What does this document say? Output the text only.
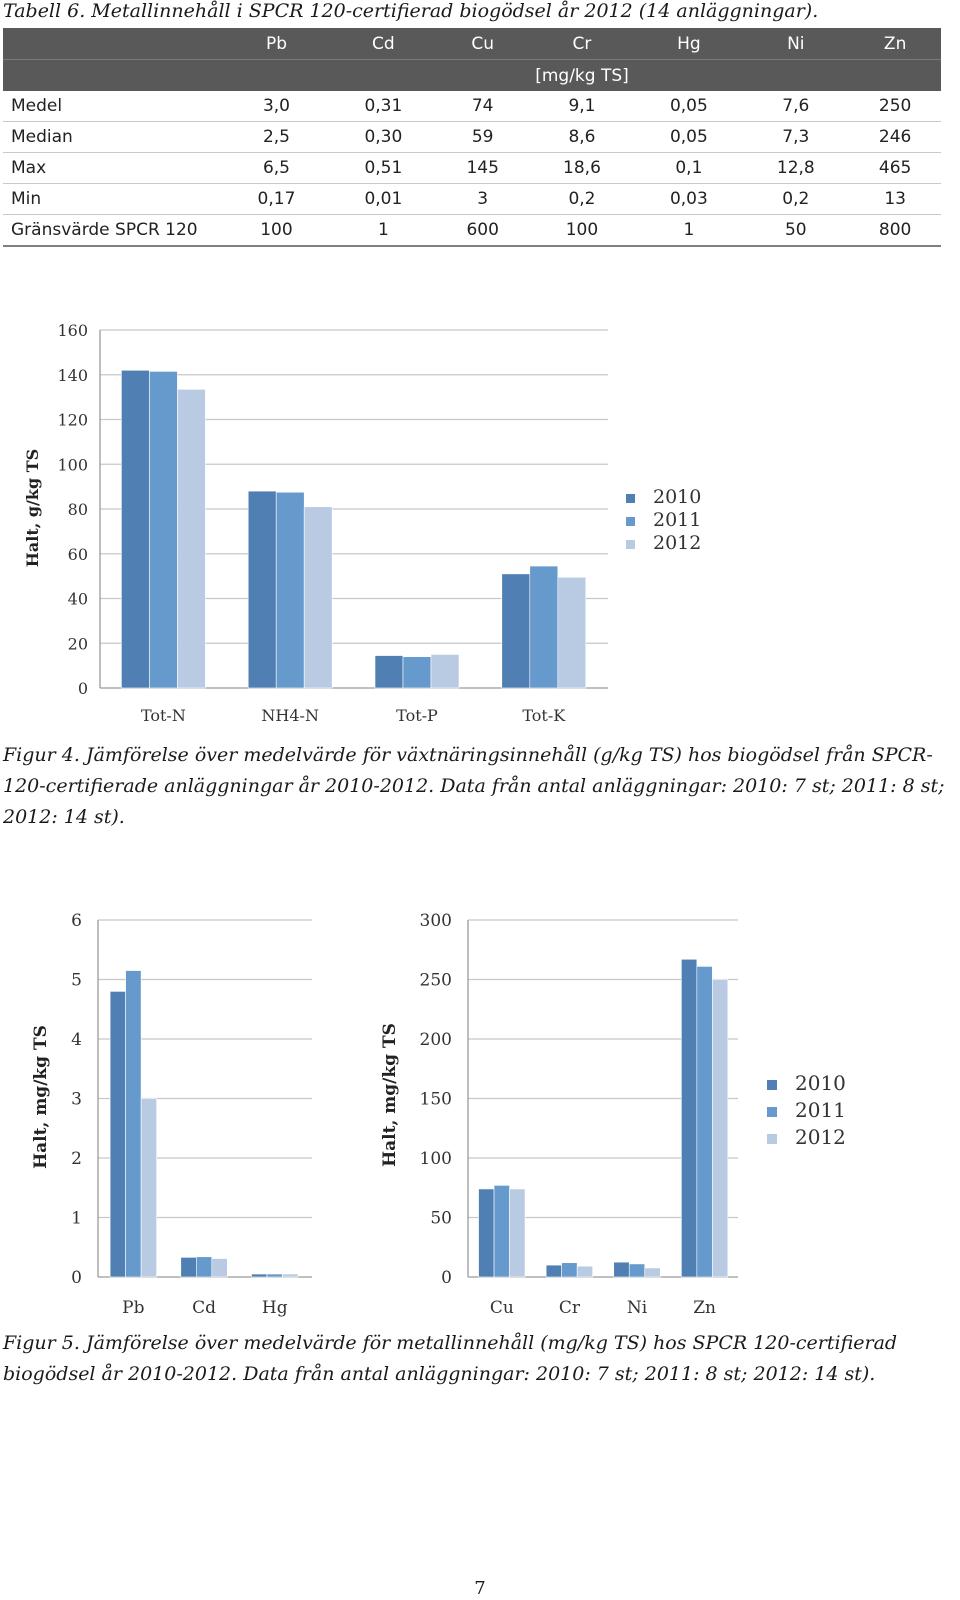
Tabell 6. Metallinnehåll i SPCR 120-certifierad biogödsel år 2012 (14 anläggningar).
	Pb	Cd	Cu	Cr	Hg	Ni	Zn
	[mg/kg TS]						
Medel	3,0	0,31	74	9,1	0,05	7,6	250
Median	2,5	0,30	59	8,6	0,05	7,3	246
Max	6,5	0,51	145	18,6	0,1	12,8	465
Min	0,17	0,01	3	0,2	0,03	0,2	13
Gränsvärde SPCR 120	100	1	600	100	1	50	800
0
20
40
60
80
100
120
140
160
Halt, g/kg TS
Tot-N	NH4-N	Tot-P	Tot-K
2010
2011
2012
0
1
2
3
4
5
6
Halt, mg/kg TS
Pb	Cd	Hg
0
50
100
150
200
250
300
Halt, mg/kg TS
Cu	Cr	Ni	Zn
2010
2011
2012
Figur 4. Jämförelse över medelvärde för växtnäringsinnehåll (g/kg TS) hos biogödsel från SPCR-120-certifierade anläggningar år 2010-2012. Data från antal anläggningar: 2010: 7 st; 2011: 8 st; 2012: 14 st).
Figur 5. Jämförelse över medelvärde för metallinnehåll (mg/kg TS) hos SPCR 120-certifierad biogödsel år 2010-2012. Data från antal anläggningar: 2010: 7 st; 2011: 8 st; 2012: 14 st).
7
